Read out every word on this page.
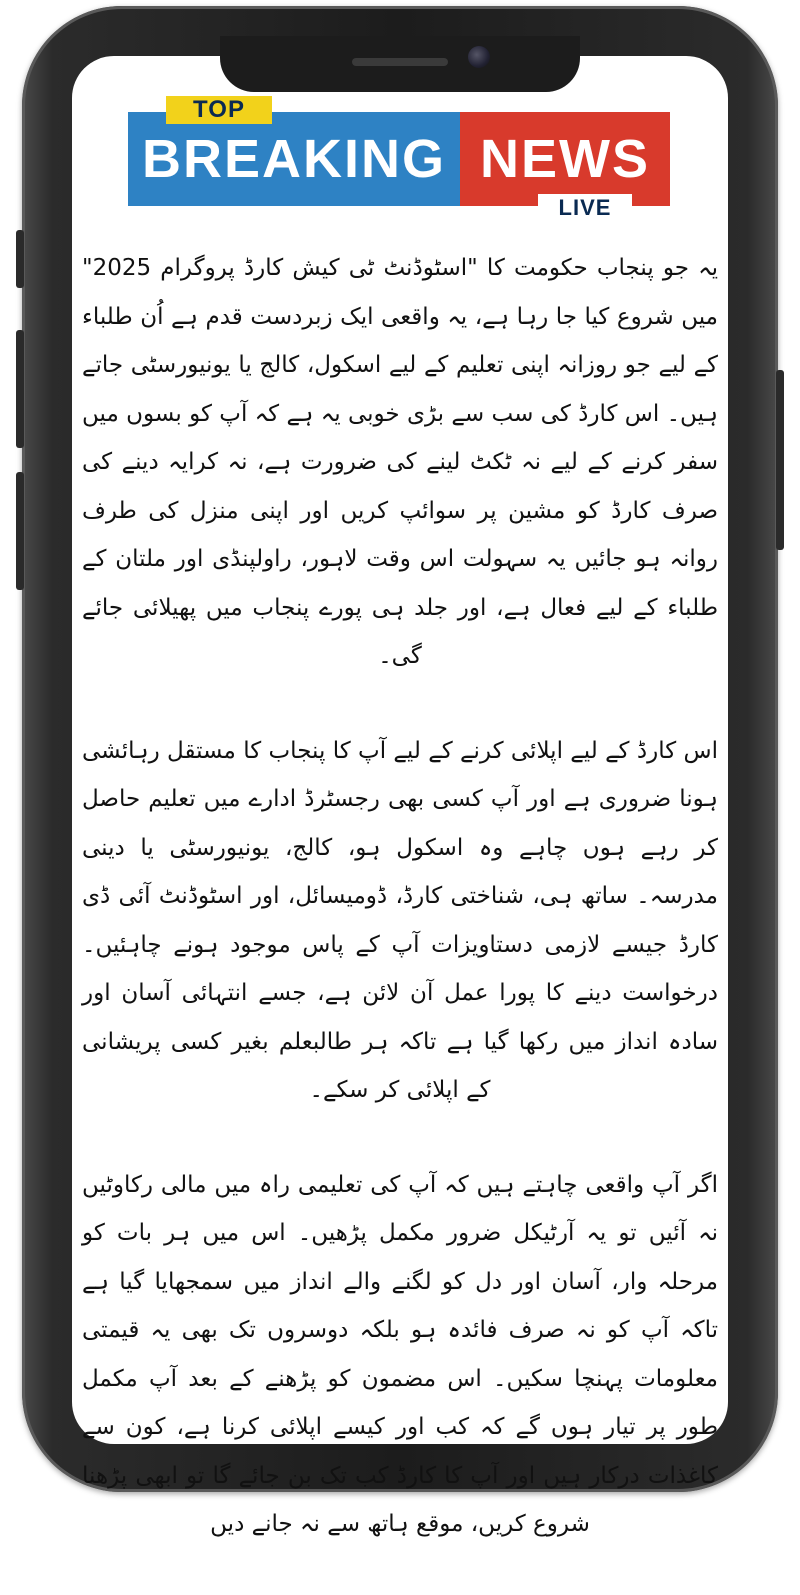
BREAKING NEWS
TOP
LIVE

یہ جو پنجاب حکومت کا "اسٹوڈنٹ ٹی کیش کارڈ پروگرام 2025" میں شروع کیا جا رہا ہے، یہ واقعی ایک زبردست قدم ہے اُن طلباء کے لیے جو روزانہ اپنی تعلیم کے لیے اسکول، کالج یا یونیورسٹی جاتے ہیں۔ اس کارڈ کی سب سے بڑی خوبی یہ ہے کہ آپ کو بسوں میں سفر کرنے کے لیے نہ ٹکٹ لینے کی ضرورت ہے، نہ کرایہ دینے کی صرف کارڈ کو مشین پر سوائپ کریں اور اپنی منزل کی طرف روانہ ہو جائیں یہ سہولت اس وقت لاہور، راولپنڈی اور ملتان کے طلباء کے لیے فعال ہے، اور جلد ہی پورے پنجاب میں پھیلائی جائے گی۔

اس کارڈ کے لیے اپلائی کرنے کے لیے آپ کا پنجاب کا مستقل رہائشی ہونا ضروری ہے اور آپ کسی بھی رجسٹرڈ ادارے میں تعلیم حاصل کر رہے ہوں چاہے وہ اسکول ہو، کالج، یونیورسٹی یا دینی مدرسہ۔ ساتھ ہی، شناختی کارڈ، ڈومیسائل، اور اسٹوڈنٹ آئی ڈی کارڈ جیسے لازمی دستاویزات آپ کے پاس موجود ہونے چاہئیں۔ درخواست دینے کا پورا عمل آن لائن ہے، جسے انتہائی آسان اور سادہ انداز میں رکھا گیا ہے تاکہ ہر طالبعلم بغیر کسی پریشانی کے اپلائی کر سکے۔

اگر آپ واقعی چاہتے ہیں کہ آپ کی تعلیمی راہ میں مالی رکاوٹیں نہ آئیں تو یہ آرٹیکل ضرور مکمل پڑھیں۔ اس میں ہر بات کو مرحلہ وار، آسان اور دل کو لگنے والے انداز میں سمجھایا گیا ہے تاکہ آپ کو نہ صرف فائدہ ہو بلکہ دوسروں تک بھی یہ قیمتی معلومات پہنچا سکیں۔ اس مضمون کو پڑھنے کے بعد آپ مکمل طور پر تیار ہوں گے کہ کب اور کیسے اپلائی کرنا ہے، کون سے کاغذات درکار ہیں اور آپ کا کارڈ کب تک بن جائے گا تو ابھی پڑھنا شروع کریں، موقع ہاتھ سے نہ جانے دیں
